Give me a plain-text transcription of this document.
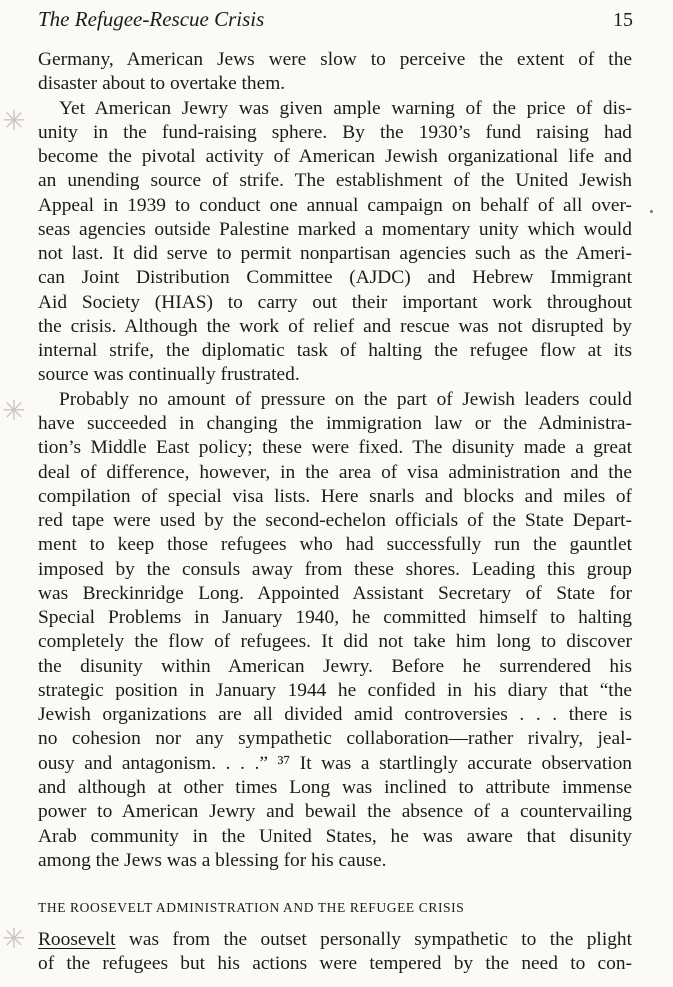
The Refugee-Rescue Crisis	15
Germany, American Jews were slow to perceive the extent of the
disaster about to overtake them.
Yet American Jewry was given ample warning of the price of dis-
unity in the fund-raising sphere. By the 1930’s fund raising had
become the pivotal activity of American Jewish organizational life and
an unending source of strife. The establishment of the United Jewish
Appeal in 1939 to conduct one annual campaign on behalf of all over-
seas agencies outside Palestine marked a momentary unity which would
not last. It did serve to permit nonpartisan agencies such as the Ameri-
can Joint Distribution Committee (AJDC) and Hebrew Immigrant
Aid Society (HIAS) to carry out their important work throughout
the crisis. Although the work of relief and rescue was not disrupted by
internal strife, the diplomatic task of halting the refugee flow at its
source was continually frustrated.
Probably no amount of pressure on the part of Jewish leaders could
have succeeded in changing the immigration law or the Administra-
tion’s Middle East policy; these were fixed. The disunity made a great
deal of difference, however, in the area of visa administration and the
compilation of special visa lists. Here snarls and blocks and miles of
red tape were used by the second-echelon officials of the State Depart-
ment to keep those refugees who had successfully run the gauntlet
imposed by the consuls away from these shores. Leading this group
was Breckinridge Long. Appointed Assistant Secretary of State for
Special Problems in January 1940, he committed himself to halting
completely the flow of refugees. It did not take him long to discover
the disunity within American Jewry. Before he surrendered his
strategic position in January 1944 he confided in his diary that “the
Jewish organizations are all divided amid controversies . . . there is
no cohesion nor any sympathetic collaboration—rather rivalry, jeal-
ousy and antagonism. . . .” ³⁷ It was a startlingly accurate observation
and although at other times Long was inclined to attribute immense
power to American Jewry and bewail the absence of a countervailing
Arab community in the United States, he was aware that disunity
among the Jews was a blessing for his cause.
THE ROOSEVELT ADMINISTRATION AND THE REFUGEE CRISIS
Roosevelt was from the outset personally sympathetic to the plight
of the refugees but his actions were tempered by the need to con-
✳
✳
✳
